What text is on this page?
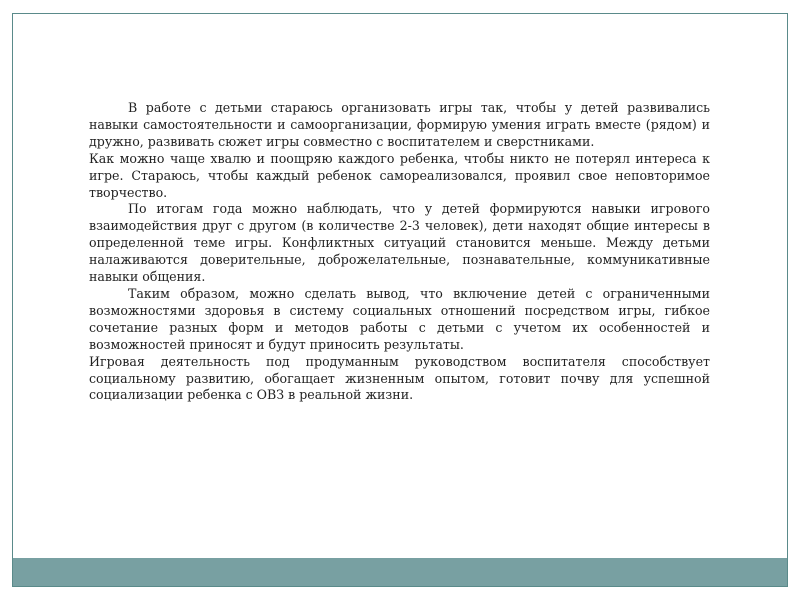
В работе с детьми стараюсь организовать игры так, чтобы у детей развивались навыки самостоятельности и самоорганизации, формирую умения играть вместе (рядом) и дружно, развивать сюжет игры совместно с воспитателем и сверстниками.

Как можно чаще хвалю и поощряю каждого ребенка, чтобы никто не потерял интереса к игре. Стараюсь, чтобы каждый ребенок самореализовался, проявил свое неповторимое творчество.

По итогам года можно наблюдать, что у детей формируются навыки игрового взаимодействия друг с другом (в количестве 2-3 человек), дети находят общие интересы в определенной теме игры. Конфликтных ситуаций становится меньше. Между детьми налаживаются доверительные, доброжелательные, познавательные, коммуникативные навыки общения.

Таким образом, можно сделать вывод, что включение детей с ограниченными возможностями здоровья в систему социальных отношений посредством игры, гибкое сочетание разных форм и методов работы с детьми с учетом их особенностей и возможностей приносят и будут приносить результаты.

Игровая деятельность под продуманным руководством воспитателя способствует социальному развитию, обогащает жизненным опытом, готовит почву для успешной социализации ребенка с ОВЗ в реальной жизни.
